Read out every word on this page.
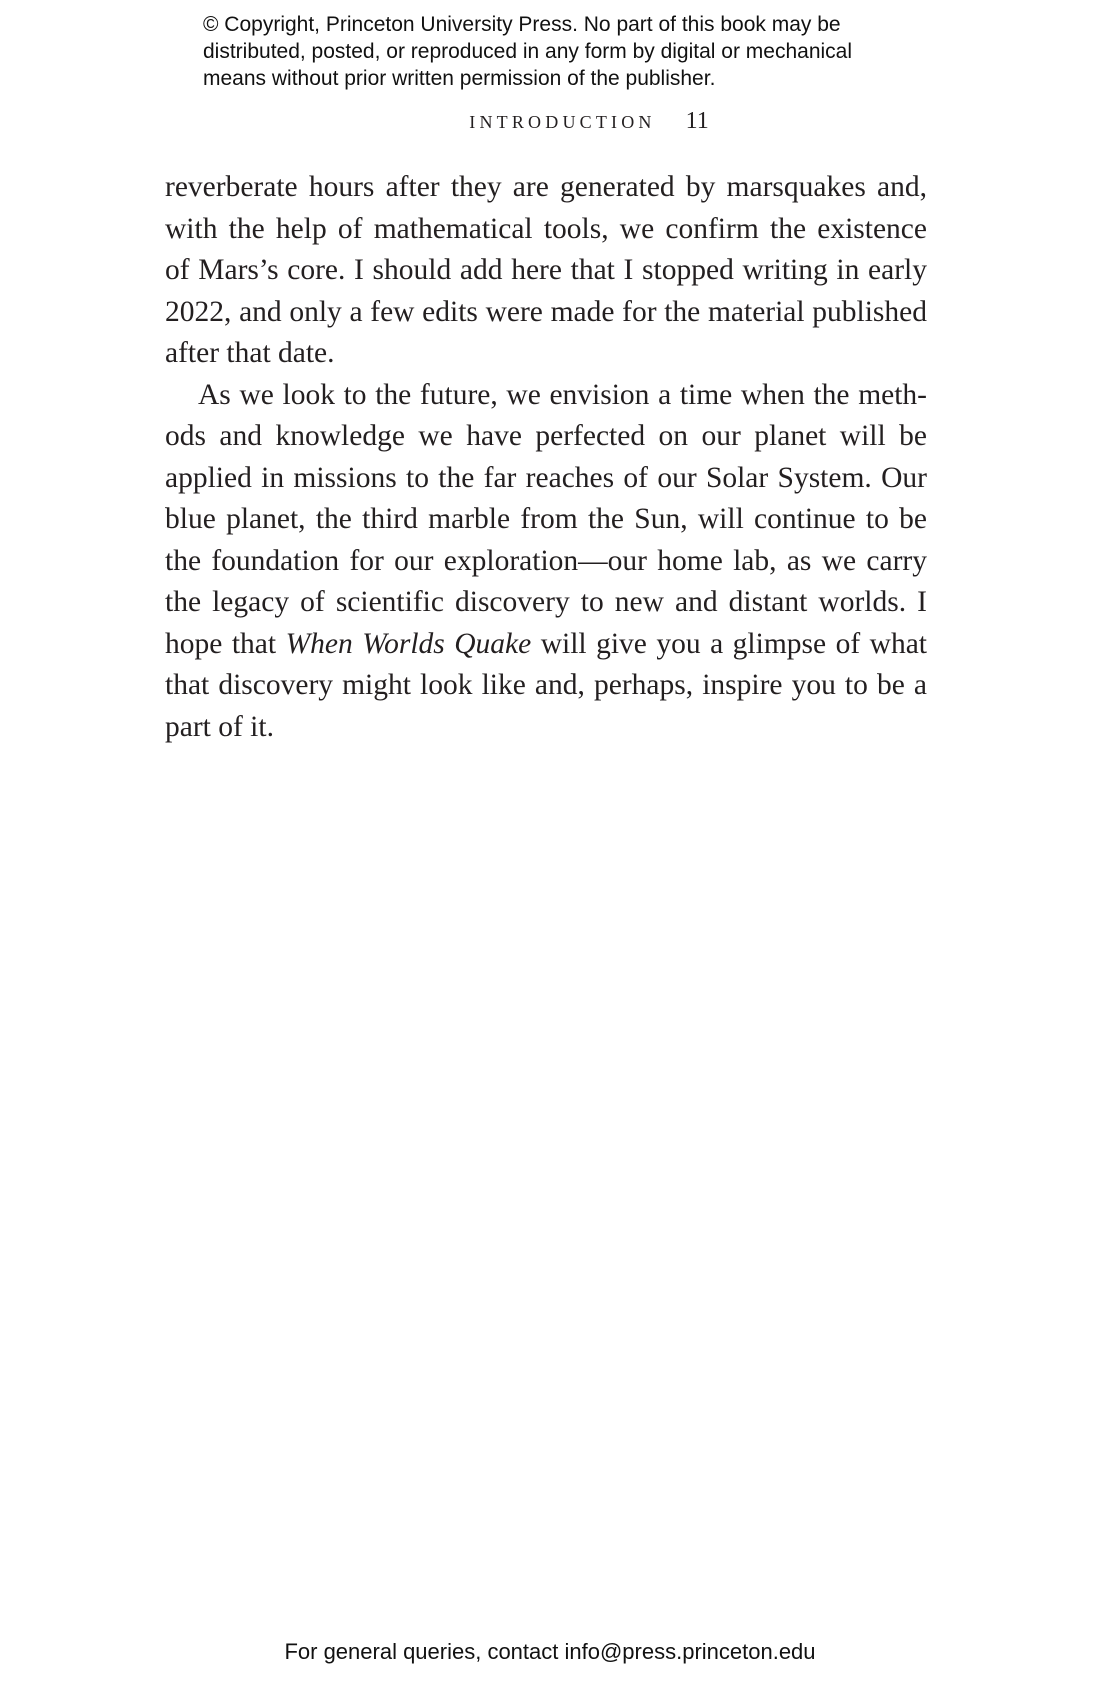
© Copyright, Princeton University Press. No part of this book may be
distributed, posted, or reproduced in any form by digital or mechanical
means without prior written permission of the publisher.
INTRODUCTION 11

reverberate hours after they are generated by marsquakes and,
with the help of mathematical tools, we confirm the existence
of Mars’s core. I should add here that I stopped writing in early
2022, and only a few edits were made for the material published
after that date.

As we look to the future, we envision a time when the meth-
ods and knowledge we have perfected on our planet will be
applied in missions to the far reaches of our Solar System. Our
blue planet, the third marble from the Sun, will continue to be
the foundation for our exploration—our home lab, as we carry
the legacy of scientific discovery to new and distant worlds. I
hope that When Worlds Quake will give you a glimpse of what
that discovery might look like and, perhaps, inspire you to be a
part of it.

For general queries, contact info@press.princeton.edu
